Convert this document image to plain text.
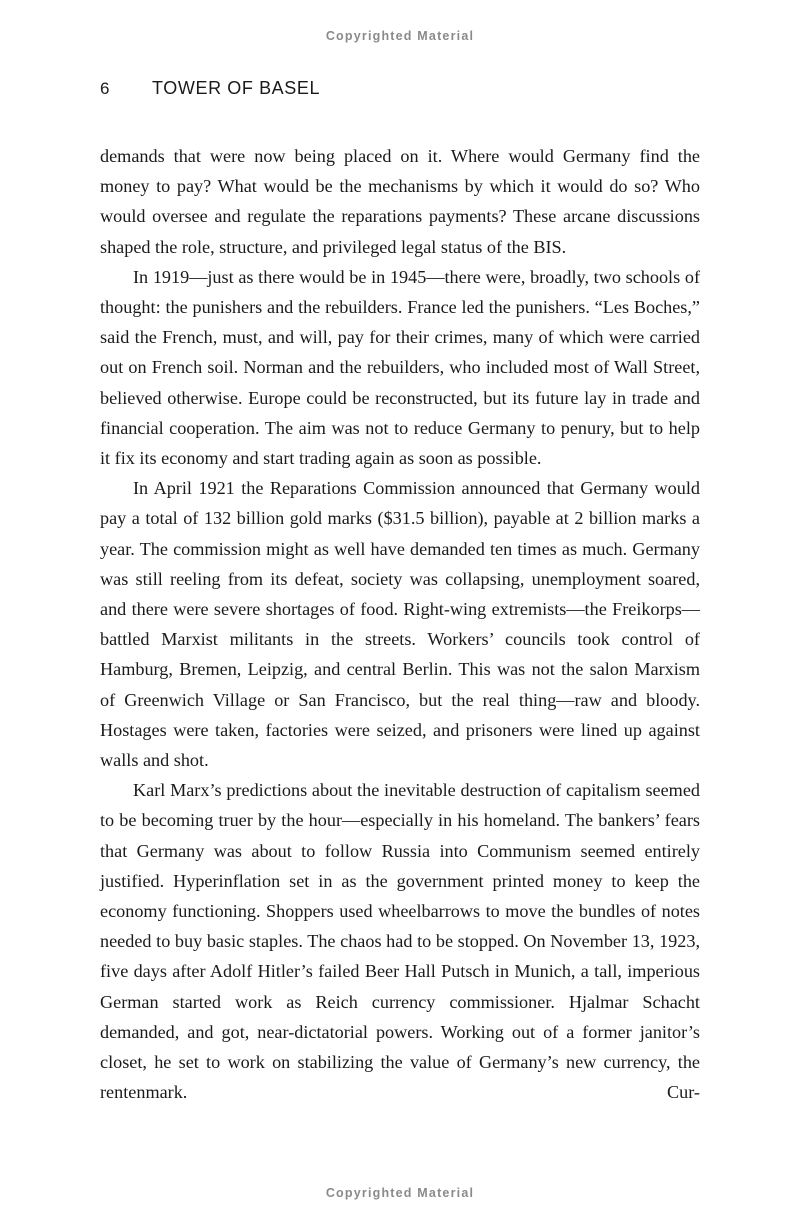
Copyrighted Material
6	TOWER OF BASEL

demands that were now being placed on it. Where would Germany find the money to pay? What would be the mechanisms by which it would do so? Who would oversee and regulate the reparations payments? These arcane discussions shaped the role, structure, and privileged legal status of the BIS.

In 1919—just as there would be in 1945—there were, broadly, two schools of thought: the punishers and the rebuilders. France led the punishers. “Les Boches,” said the French, must, and will, pay for their crimes, many of which were carried out on French soil. Norman and the rebuilders, who included most of Wall Street, believed otherwise. Europe could be reconstructed, but its future lay in trade and financial cooperation. The aim was not to reduce Germany to penury, but to help it fix its economy and start trading again as soon as possible.

In April 1921 the Reparations Commission announced that Germany would pay a total of 132 billion gold marks ($31.5 billion), payable at 2 billion marks a year. The commission might as well have demanded ten times as much. Germany was still reeling from its defeat, society was collapsing, unemployment soared, and there were severe shortages of food. Right-wing extremists—the Freikorps—battled Marxist militants in the streets. Workers’ councils took control of Hamburg, Bremen, Leipzig, and central Berlin. This was not the salon Marxism of Greenwich Village or San Francisco, but the real thing—raw and bloody. Hostages were taken, factories were seized, and prisoners were lined up against walls and shot.

Karl Marx’s predictions about the inevitable destruction of capitalism seemed to be becoming truer by the hour—especially in his homeland. The bankers’ fears that Germany was about to follow Russia into Communism seemed entirely justified. Hyperinflation set in as the government printed money to keep the economy functioning. Shoppers used wheelbarrows to move the bundles of notes needed to buy basic staples. The chaos had to be stopped. On November 13, 1923, five days after Adolf Hitler’s failed Beer Hall Putsch in Munich, a tall, imperious German started work as Reich currency commissioner. Hjalmar Schacht demanded, and got, near-dictatorial powers. Working out of a former janitor’s closet, he set to work on stabilizing the value of Germany’s new currency, the rentenmark. Cur-

Copyrighted Material
